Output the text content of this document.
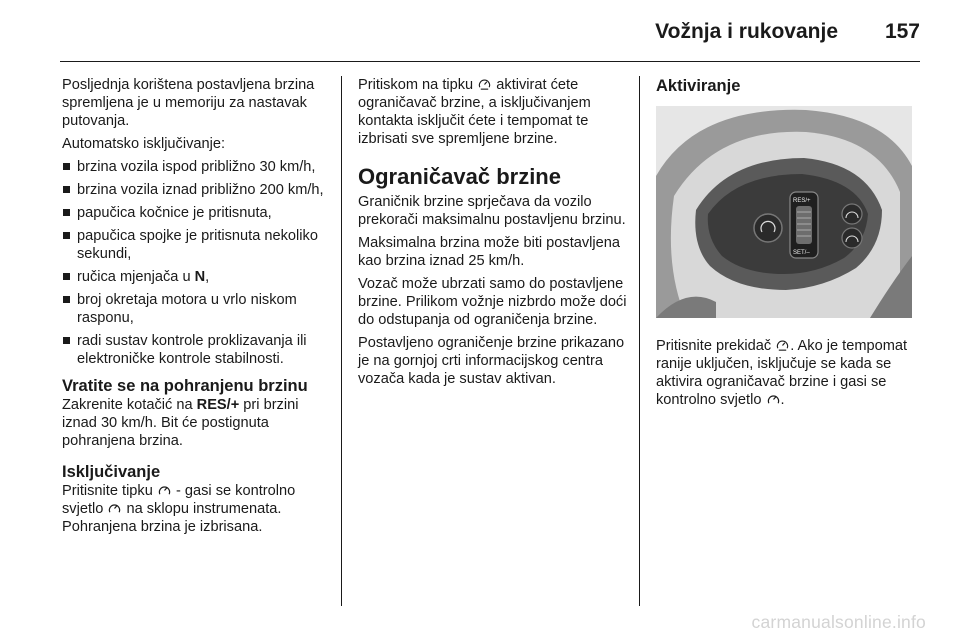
Vožnja i rukovanje 157

Posljednja korištena postavljena brzina spremljena je u memoriju za nastavak putovanja.

Automatsko isključivanje:

brzina vozila ispod približno 30 km/h,
brzina vozila iznad približno 200 km/h,
papučica kočnice je pritisnuta,
papučica spojke je pritisnuta nekoliko sekundi,
ručica mjenjača u N,
broj okretaja motora u vrlo niskom rasponu,
radi sustav kontrole proklizavanja ili elektroničke kontrole stabilnosti.
Vratite se na pohranjenu brzinu

Zakrenite kotačić na RES/+ pri brzini iznad 30 km/h. Bit će postignuta pohranjena brzina.

Isključivanje

Pritisnite tipku  - gasi se kontrolno svjetlo  na sklopu instrumenata.

Pohranjena brzina je izbrisana.

Pritiskom na tipku  aktivirat ćete ograničavač brzine, a isključivanjem kontakta isključit ćete i tempomat te izbrisati sve spremljene brzine.

Ograničavač brzine

Graničnik brzine sprječava da vozilo prekorači maksimalnu postavljenu brzinu.

Maksimalna brzina može biti postavljena kao brzina iznad 25 km/h.

Vozač može ubrzati samo do postavljene brzine. Prilikom vožnje nizbrdo može doći do odstupanja od ograničenja brzine.

Postavljeno ograničenje brzine prikazano je na gornjoj crti informacijskog centra vozača kada je sustav aktivan.

Aktiviranje
RES/+
SET/–

Pritisnite prekidač . Ako je tempomat ranije uključen, isključuje se kada se aktivira ograničavač brzine i gasi se kontrolno svjetlo .

carmanualsonline.info
